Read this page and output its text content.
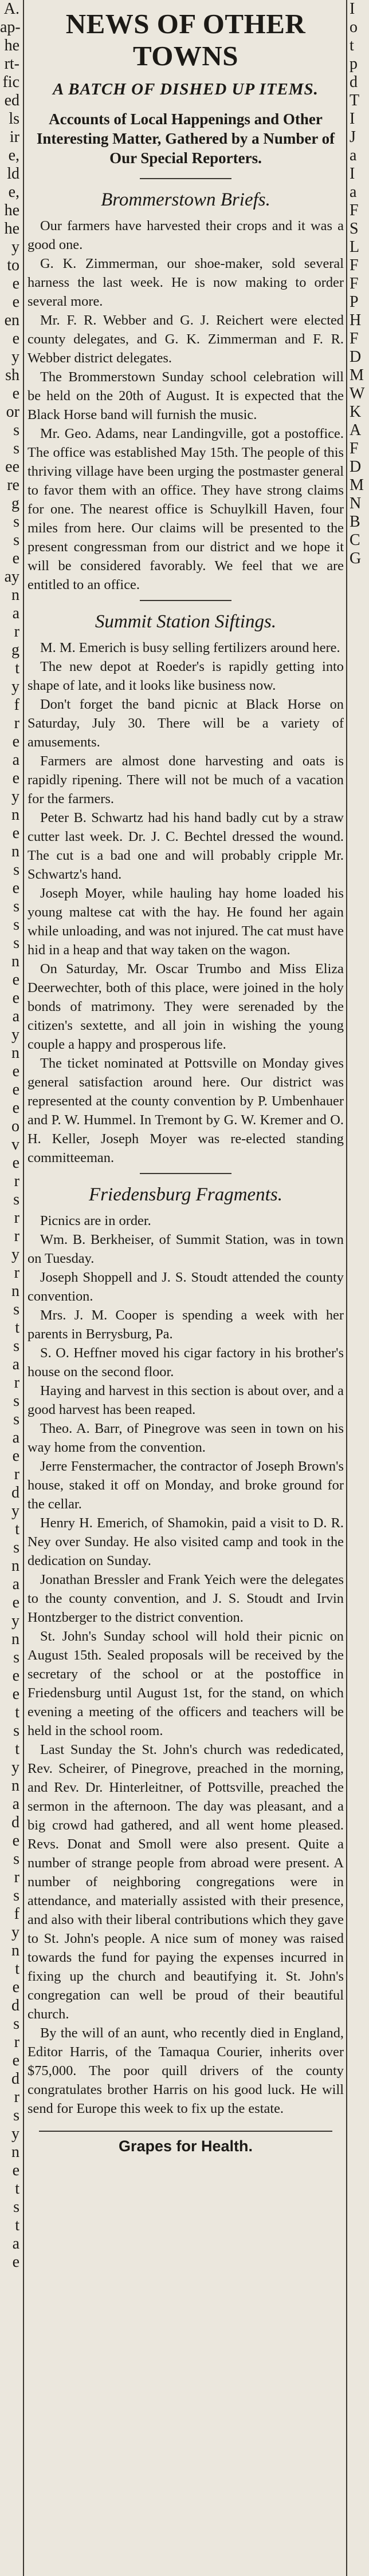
A.
ap-
he
rt-
fic
ed
ls
ir
e,
ld
e,
he
he
y
to
e
e
en
e
y
sh
e
or
s
s
ee
re
g
s
s
e
ay
n
a
r
g
t
y
f
r
e
a
e
y
n
e
n
s
e
s
s
s
n
e
e
a
y
n
e
e
e
o
v
e
r
s
r
r
y
r
n
s
t
s
a
r
s
s
a
e
r
d
y
t
s
n
a
e
y
n
s
e
e
t
s
t
y
n
a
d
e
s
r
s
f
y
n
t
e
d
s
r
e
d
r
s
y
n
e
t
s
t
a
e
NEWS OF OTHER TOWNS
A BATCH OF DISHED UP ITEMS.
Accounts of Local Happenings and Other Interesting Matter, Gathered by a Number of Our Special Reporters.
Brommerstown Briefs.

Our farmers have harvested their crops and it was a good one.

G. K. Zimmerman, our shoe-maker, sold several harness the last week. He is now making to order several more.

Mr. F. R. Webber and G. J. Reichert were elected county delegates, and G. K. Zimmerman and F. R. Webber district delegates.

The Brommerstown Sunday school celebration will be held on the 20th of August. It is expected that the Black Horse band will furnish the music.

Mr. Geo. Adams, near Landingville, got a postoffice. The office was established May 15th. The people of this thriving village have been urging the postmaster general to favor them with an office. They have strong claims for one. The nearest office is Schuylkill Haven, four miles from here. Our claims will be presented to the present congressman from our district and we hope it will be considered favorably. We feel that we are entitled to an office.

Summit Station Siftings.

M. M. Emerich is busy selling fertilizers around here.

The new depot at Roeder's is rapidly getting into shape of late, and it looks like business now.

Don't forget the band picnic at Black Horse on Saturday, July 30. There will be a variety of amusements.

Farmers are almost done harvesting and oats is rapidly ripening. There will not be much of a vacation for the farmers.

Peter B. Schwartz had his hand badly cut by a straw cutter last week. Dr. J. C. Bechtel dressed the wound. The cut is a bad one and will probably cripple Mr. Schwartz's hand.

Joseph Moyer, while hauling hay home loaded his young maltese cat with the hay. He found her again while unloading, and was not injured. The cat must have hid in a heap and that way taken on the wagon.

On Saturday, Mr. Oscar Trumbo and Miss Eliza Deerwechter, both of this place, were joined in the holy bonds of matrimony. They were serenaded by the citizen's sextette, and all join in wishing the young couple a happy and prosperous life.

The ticket nominated at Pottsville on Monday gives general satisfaction around here. Our district was represented at the county convention by P. Umbenhauer and P. W. Hummel. In Tremont by G. W. Kremer and O. H. Keller, Joseph Moyer was re-elected standing committeeman.

Friedensburg Fragments.

Picnics are in order.

Wm. B. Berkheiser, of Summit Station, was in town on Tuesday.

Joseph Shoppell and J. S. Stoudt attended the county convention.

Mrs. J. M. Cooper is spending a week with her parents in Berrysburg, Pa.

S. O. Heffner moved his cigar factory in his brother's house on the second floor.

Haying and harvest in this section is about over, and a good harvest has been reaped.

Theo. A. Barr, of Pinegrove was seen in town on his way home from the convention.

Jerre Fenstermacher, the contractor of Joseph Brown's house, staked it off on Monday, and broke ground for the cellar.

Henry H. Emerich, of Shamokin, paid a visit to D. R. Ney over Sunday. He also visited camp and took in the dedication on Sunday.

Jonathan Bressler and Frank Yeich were the delegates to the county convention, and J. S. Stoudt and Irvin Hontzberger to the district convention.

St. John's Sunday school will hold their picnic on August 15th. Sealed proposals will be received by the secretary of the school or at the postoffice in Friedensburg until August 1st, for the stand, on which evening a meeting of the officers and teachers will be held in the school room.

Last Sunday the St. John's church was rededicated, Rev. Scheirer, of Pinegrove, preached in the morning, and Rev. Dr. Hinterleitner, of Pottsville, preached the sermon in the afternoon. The day was pleasant, and a big crowd had gathered, and all went home pleased. Revs. Donat and Smoll were also present. Quite a number of strange people from abroad were present. A number of neighboring congregations were in attendance, and materially assisted with their presence, and also with their liberal contributions which they gave to St. John's people. A nice sum of money was raised towards the fund for paying the expenses incurred in fixing up the church and beautifying it. St. John's congregation can well be proud of their beautiful church.

By the will of an aunt, who recently died in England, Editor Harris, of the Tamaqua Courier, inherits over $75,000. The poor quill drivers of the county congratulates brother Harris on his good luck. He will send for Europe this week to fix up the estate.

Grapes for Health.
I
o
t
p
d
T
I
J
a
I
a
F
S
L
F
F
P
H
F
D
M
W
K
A
F
D
M
N
B
C
G
